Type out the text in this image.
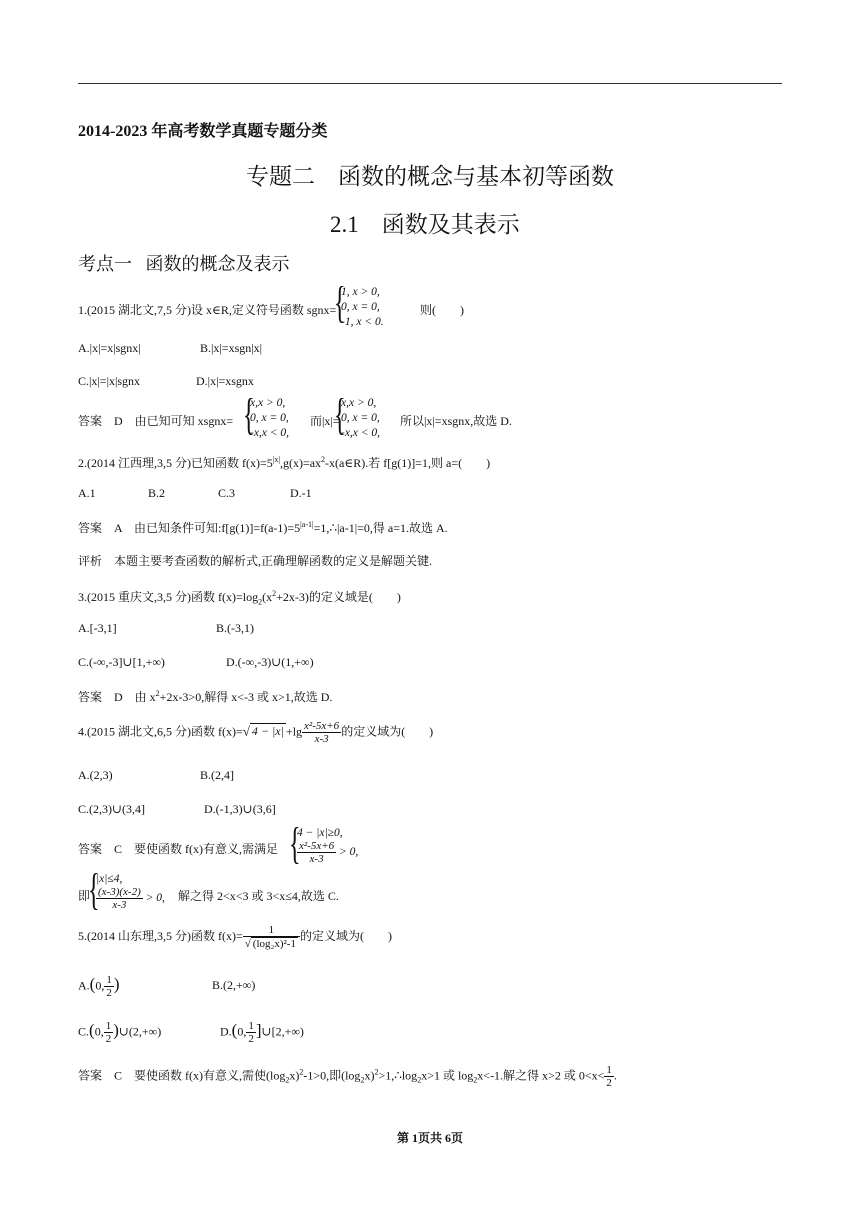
2014-2023 年高考数学真题专题分类
专题二 函数的概念与基本初等函数
2.1 函数及其表示
考点一   函数的概念及表示
1.(2015 湖北文,7,5 分)设 x∈R,定义符号函数 sgnx=
{
1, x > 0,
0, x = 0,
-1, x < 0.
则(        )
A.|x|=x|sgnx|	B.|x|=xsgn|x|
C.|x|=|x|sgnx	D.|x|=xsgnx
答案    D    由已知可知 xsgnx= {
x,x > 0,
0, x = 0,
-x,x < 0,
而|x|=
{
x,x > 0,
0, x = 0,
-x,x < 0,
所以|x|=xsgnx,故选 D.
2.(2014 江西理,3,5 分)已知函数 $f(x)=5^{|x|},g(x)=ax^2-x(a\in R)$.若 f[g(1)]=1,则 a=(        )
A.1	B.2	C.3	D.-1
答案    A    由已知条件可知$:f[g(1)]=f(a-1)=5^{|a-1|}=1,\therefore|a-1|=0$,得 a=1.故选 A.
评析    本题主要考查函数的解析式,正确理解函数的定义是解题关键.
3.(2015 重庆文,3,5 分)函数 $f(x)=\log_2(x^2+2x-3)$的定义域是(        )
A.[-3,1]	B.(-3,1)
C.(-∞,-3]∪[1,+∞)	D.(-∞,-3)∪(1,+∞)
答案    D    由 $x^2+2x-3>0$,解得 x<-3 或 x>1,故选 D.
4.(2015 湖北文,6,5 分)函数 f(x)=√ $4 - |x| +\lg \frac{\text{x²-5x+6}}{x-3}$ 的定义域为(        )
A.(2,3)	B.(2,4]
C.(2,3)∪(3,4]	D.(-1,3)∪(3,6]
答案    C    要使函数 f(x)有意义,需满足 {
4 − |x|≥0,
$\frac{\text{x²-5x+6}}{x-3} > 0$,
即
{
|x|≤4,
$\frac{(x-3)(x-2)}{x-3} > 0$, 解之得 2<x<3 或 3<x≤4,故选 C.
5.(2014 山东理,3,5 分)函数 $f(x)= \frac{1}{\text{√ (log₂x)²-1}}$ 的定义域为(        )
A.(0, $\frac{1}{2}$ )	B.(2,+∞)
C.(0, $\frac{1}{2}$ )∪(2,+∞)	D.(0, $\frac{1}{2}$ ]∪[2,+∞)
答案    C    要使函数 f(x)有意义,需使$(\log_2x)^2-1>0$,即$(\log_2x)^2>1,\therefore\log_2x>1$ 或 $\log_2x<-1$.解之得 x>2 或 $0<x< \frac{1}{2}$ .
第 1页共 6页
